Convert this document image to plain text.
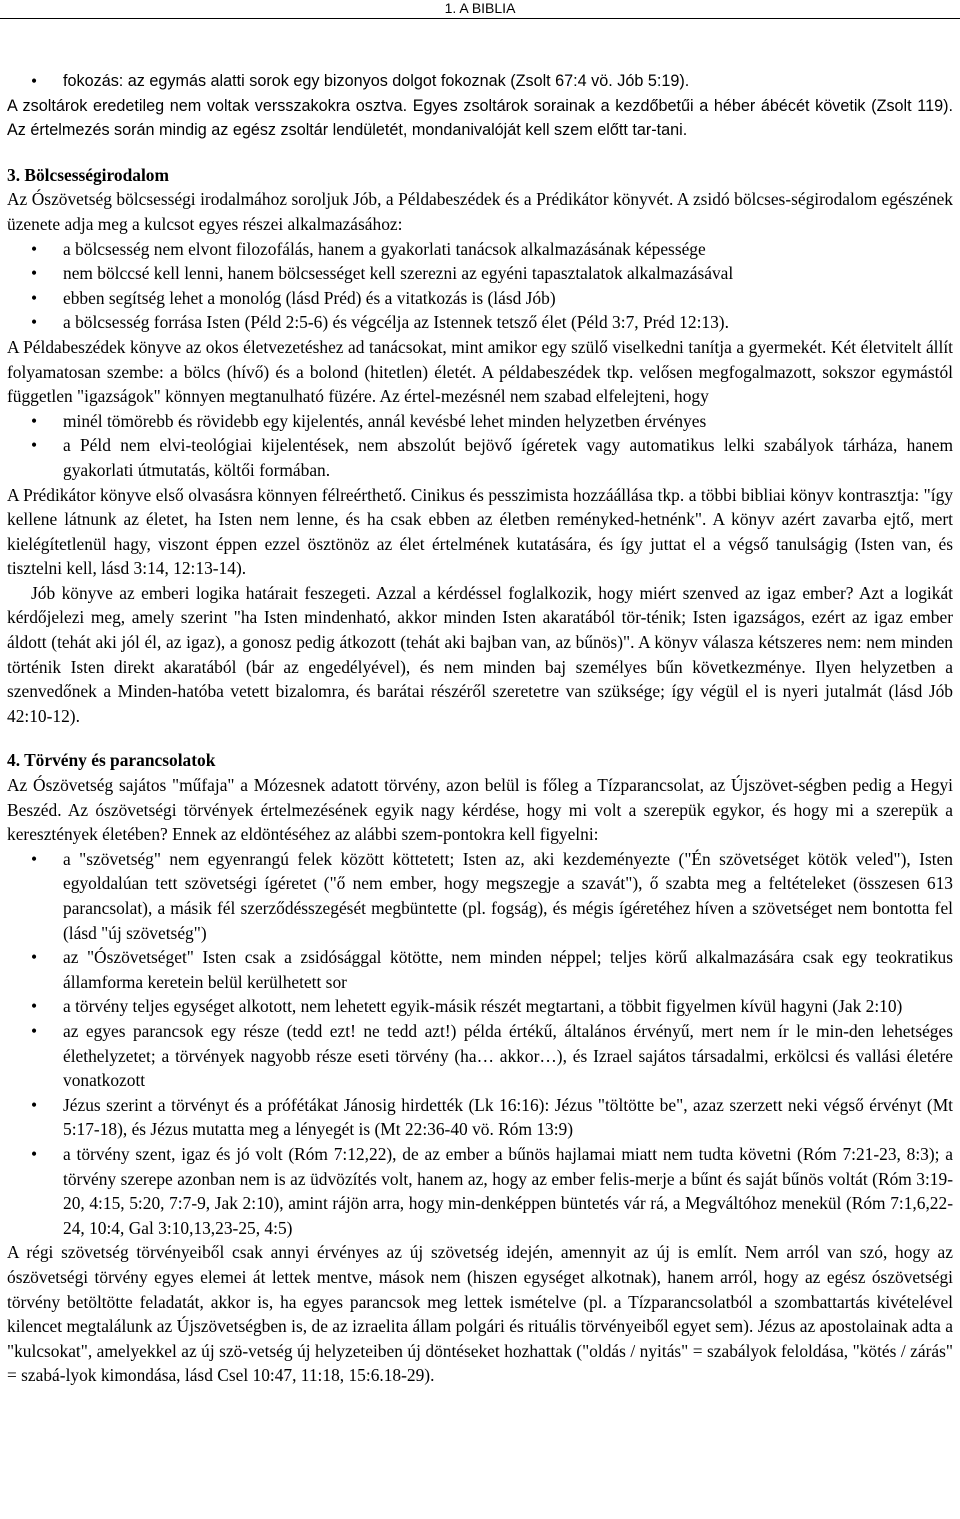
1. A BIBLIA
•	fokozás: az egymás alatti sorok egy bizonyos dolgot fokoznak (Zsolt 67:4 vö. Jób 5:19).

A zsoltárok eredetileg nem voltak versszakokra osztva. Egyes zsoltárok sorainak a kezdőbetűi a héber ábécét követik (Zsolt 119). Az értelmezés során mindig az egész zsoltár lendületét, mondanivalóját kell szem előtt tar-tani.

3. Bölcsességirodalom

Az Ószövetség bölcsességi irodalmához soroljuk Jób, a Példabeszédek és a Prédikátor könyvét. A zsidó bölcses-ségirodalom egészének üzenete adja meg a kulcsot egyes részei alkalmazásához:

•	a bölcsesség nem elvont filozofálás, hanem a gyakorlati tanácsok alkalmazásának képessége
•	nem bölccsé kell lenni, hanem bölcsességet kell szerezni az egyéni tapasztalatok alkalmazásával
•	ebben segítség lehet a monológ (lásd Préd) és a vitatkozás is (lásd Jób)
•	a bölcsesség forrása Isten (Péld 2:5-6) és végcélja az Istennek tetsző élet (Péld 3:7, Préd 12:13).

A Példabeszédek könyve az okos életvezetéshez ad tanácsokat, mint amikor egy szülő viselkedni tanítja a gyermekét. Két életvitelt állít folyamatosan szembe: a bölcs (hívő) és a bolond (hitetlen) életét. A példabeszédek tkp. velősen megfogalmazott, sokszor egymástól független "igazságok" könnyen megtanulható füzére. Az értel-mezésnél nem szabad elfelejteni, hogy

•	minél tömörebb és rövidebb egy kijelentés, annál kevésbé lehet minden helyzetben érvényes
•	a Péld nem elvi-teológiai kijelentések, nem abszolút bejövő ígéretek vagy automatikus lelki szabályok tárháza, hanem gyakorlati útmutatás, költői formában.

A Prédikátor könyve első olvasásra könnyen félreérthető. Cinikus és pesszimista hozzáállása tkp. a többi bibliai könyv kontrasztja: "így kellene látnunk az életet, ha Isten nem lenne, és ha csak ebben az életben reményked-hetnénk". A könyv azért zavarba ejtő, mert kielégítetlenül hagy, viszont éppen ezzel ösztönöz az élet értelmének kutatására, és így juttat el a végső tanulságig (Isten van, és tisztelni kell, lásd 3:14, 12:13-14).

Jób könyve az emberi logika határait feszegeti. Azzal a kérdéssel foglalkozik, hogy miért szenved az igaz ember? Azt a logikát kérdőjelezi meg, amely szerint "ha Isten mindenható, akkor minden Isten akaratából tör-ténik; Isten igazságos, ezért az igaz ember áldott (tehát aki jól él, az igaz), a gonosz pedig átkozott (tehát aki bajban van, az bűnös)". A könyv válasza kétszeres nem: nem minden történik Isten direkt akaratából (bár az engedélyével), és nem minden baj személyes bűn következménye. Ilyen helyzetben a szenvedőnek a Minden-hatóba vetett bizalomra, és barátai részéről szeretetre van szüksége; így végül el is nyeri jutalmát (lásd Jób 42:10-12).

4. Törvény és parancsolatok

Az Ószövetség sajátos "műfaja" a Mózesnek adatott törvény, azon belül is főleg a Tízparancsolat, az Újszövet-ségben pedig a Hegyi Beszéd. Az ószövetségi törvények értelmezésének egyik nagy kérdése, hogy mi volt a szerepük egykor, és hogy mi a szerepük a keresztények életében? Ennek az eldöntéséhez az alábbi szem-pontokra kell figyelni:

•	a "szövetség" nem egyenrangú felek között köttetett; Isten az, aki kezdeményezte ("Én szövetséget kötök veled"), Isten egyoldalúan tett szövetségi ígéretet ("ő nem ember, hogy megszegje a szavát"), ő szabta meg a feltételeket (összesen 613 parancsolat), a másik fél szerződésszegését megbüntette (pl. fogság), és mégis ígéretéhez híven a szövetséget nem bontotta fel (lásd "új szövetség")
•	az "Ószövetséget" Isten csak a zsidósággal kötötte, nem minden néppel; teljes körű alkalmazására csak egy teokratikus államforma keretein belül kerülhetett sor
•	a törvény teljes egységet alkotott, nem lehetett egyik-másik részét megtartani, a többit figyelmen kívül hagyni (Jak 2:10)
•	az egyes parancsok egy része (tedd ezt! ne tedd azt!) példa értékű, általános érvényű, mert nem ír le min-den lehetséges élethelyzetet; a törvények nagyobb része eseti törvény (ha… akkor…), és Izrael sajátos társadalmi, erkölcsi és vallási életére vonatkozott
•	Jézus szerint a törvényt és a prófétákat Jánosig hirdették (Lk 16:16): Jézus "töltötte be", azaz szerzett neki végső érvényt (Mt 5:17-18), és Jézus mutatta meg a lényegét is (Mt 22:36-40 vö. Róm 13:9)
•	a törvény szent, igaz és jó volt (Róm 7:12,22), de az ember a bűnös hajlamai miatt nem tudta követni (Róm 7:21-23, 8:3); a törvény szerepe azonban nem is az üdvözítés volt, hanem az, hogy az ember felis-merje a bűnt és saját bűnös voltát (Róm 3:19-20, 4:15, 5:20, 7:7-9, Jak 2:10), amint rájön arra, hogy min-denképpen büntetés vár rá, a Megváltóhoz menekül (Róm 7:1,6,22-24, 10:4, Gal 3:10,13,23-25, 4:5)

A régi szövetség törvényeiből csak annyi érvényes az új szövetség idején, amennyit az új is említ. Nem arról van szó, hogy az ószövetségi törvény egyes elemei át lettek mentve, mások nem (hiszen egységet alkotnak), hanem arról, hogy az egész ószövetségi törvény betöltötte feladatát, akkor is, ha egyes parancsok meg lettek ismételve (pl. a Tízparancsolatból a szombattartás kivételével kilencet megtalálunk az Újszövetségben is, de az izraelita állam polgári és rituális törvényeiből egyet sem). Jézus az apostolainak adta a "kulcsokat", amelyekkel az új szö-vetség új helyzeteiben új döntéseket hozhattak ("oldás / nyitás" = szabályok feloldása, "kötés / zárás" = szabá-lyok kimondása, lásd Csel 10:47, 11:18, 15:6.18-29).
